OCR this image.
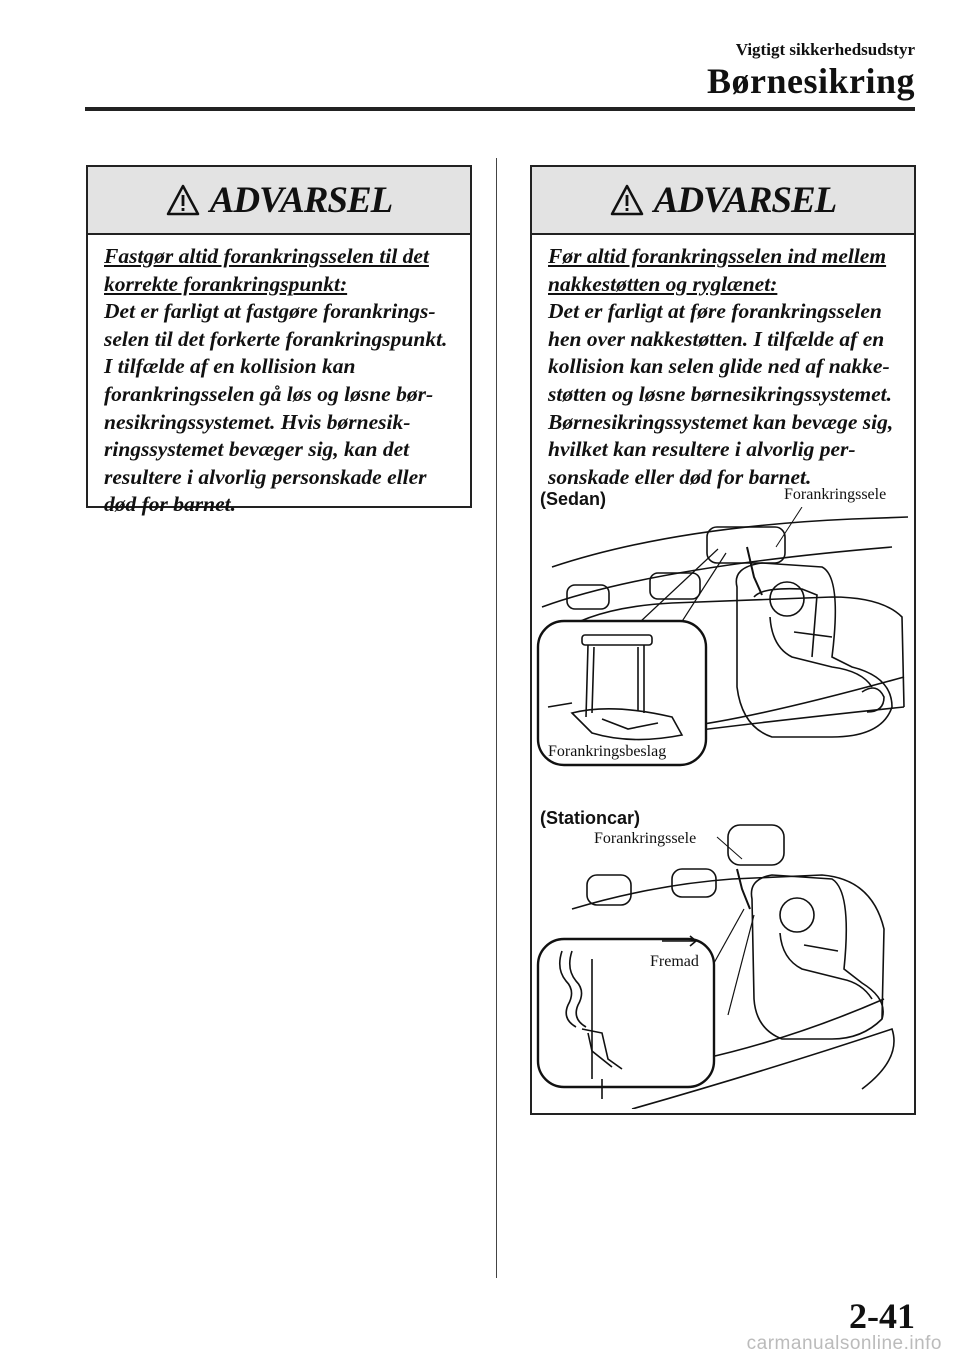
Vigtigt sikkerhedsudstyr
Børnesikring
ADVARSEL
Fastgør altid forankringsselen til det korrekte forankringspunkt:
Det er farligt at fastgøre forankringsselen til det forkerte forankringspunkt. I tilfælde af en kollision kan forankringsselen gå løs og løsne børnesikringssystemet. Hvis børnesikringssystemet bevæger sig, kan det resultere i alvorlig personskade eller død for barnet.
ADVARSEL
Før altid forankringsselen ind mellem nakkestøtten og ryglænet:
Det er farligt at føre forankringsselen hen over nakkestøtten. I tilfælde af en kollision kan selen glide ned af nakkestøtten og løsne børnesikringssystemet. Børnesikringssystemet kan bevæge sig, hvilket kan resultere i alvorlig personskade eller død for barnet.
(Sedan)	Forankringssele
Forankringsbeslag
(Stationcar)
Forankringssele
Fremad
2-41
carmanualsonline.info
